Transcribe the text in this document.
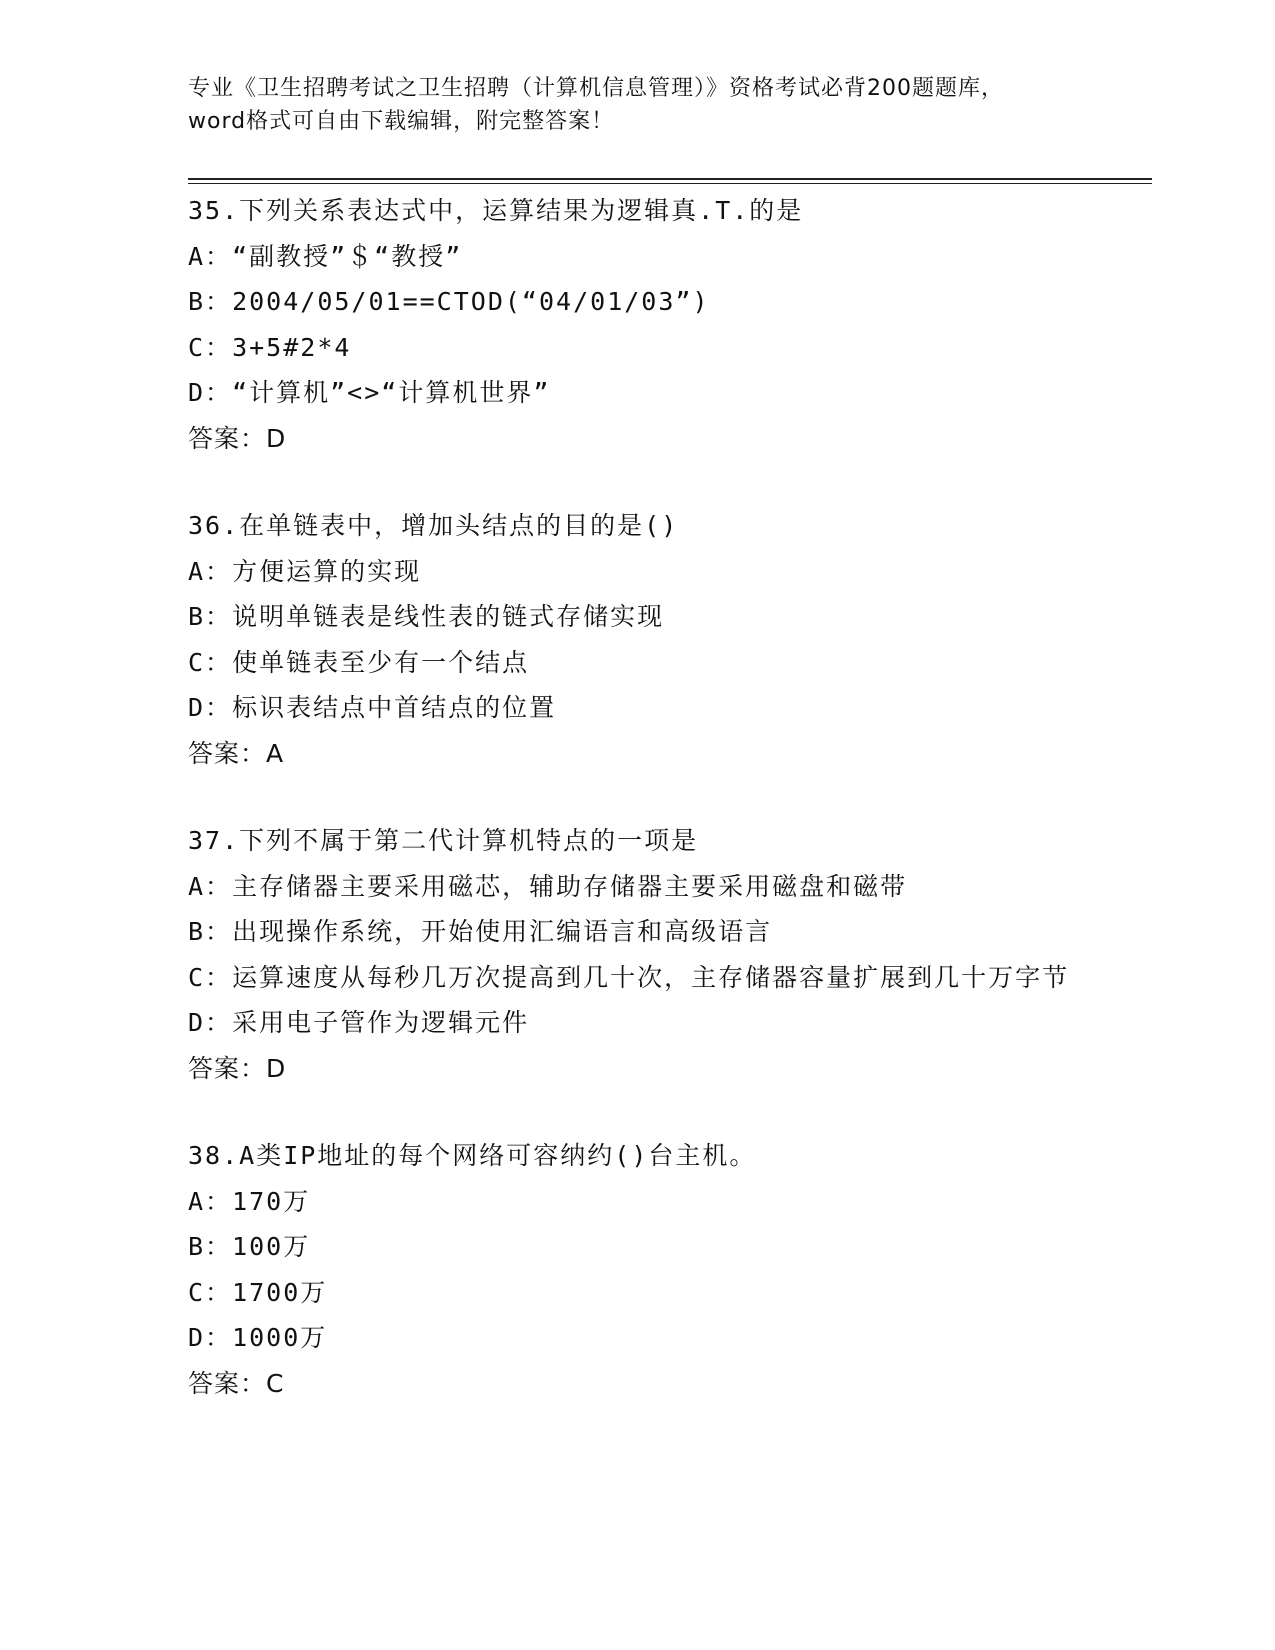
专业《卫生招聘考试之卫生招聘（计算机信息管理）》资格考试必背200题题库，
word格式可自由下载编辑，附完整答案！
35.下列关系表达式中，运算结果为逻辑真.T.的是
A：“副教授”＄“教授”
B：2004/05/01==CTOD(“04/01/03”)
C：3+5#2*4
D：“计算机”<>“计算机世界”
答案：D
36.在单链表中，增加头结点的目的是()
A：方便运算的实现
B：说明单链表是线性表的链式存储实现
C：使单链表至少有一个结点
D：标识表结点中首结点的位置
答案：A
37.下列不属于第二代计算机特点的一项是
A：主存储器主要采用磁芯，辅助存储器主要采用磁盘和磁带
B：出现操作系统，开始使用汇编语言和高级语言
C：运算速度从每秒几万次提高到几十次，主存储器容量扩展到几十万字节
D：采用电子管作为逻辑元件
答案：D
38.A类IP地址的每个网络可容纳约()台主机。
A：170万
B：100万
C：1700万
D：1000万
答案：C
